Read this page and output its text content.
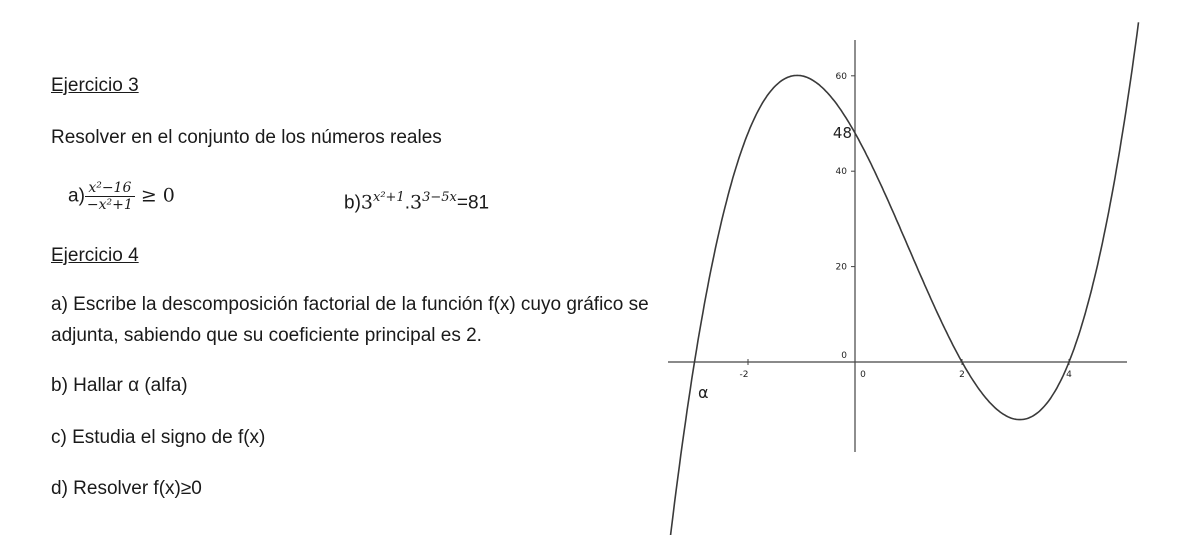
Ejercicio 3
Resolver en el conjunto de los números reales
$a) \frac{\text{x²−16}}{\text{−x²+1}} \ge 0$	$b)3^{x^2+1}.3^{3-5x}=81$
Ejercicio 4
a) Escribe la descomposición factorial de la función f(x) cuyo gráfico se
adjunta, sabiendo que su coeficiente principal es 2.
b) Hallar α (alfa)
c) Estudia el signo de f(x)
d) Resolver f(x)≥0
-2	0	2	4
0
20
40
60
48
α
